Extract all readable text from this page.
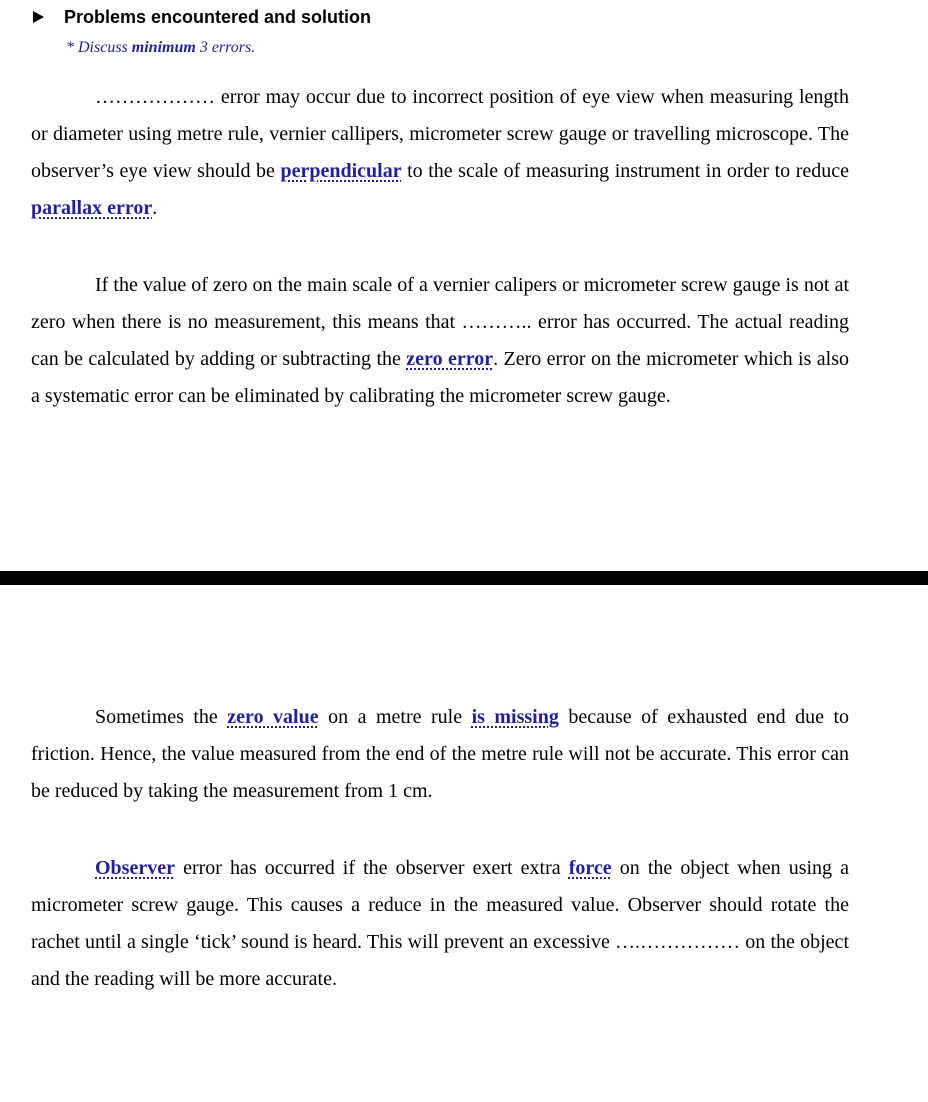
Problems encountered and solution
* Discuss minimum 3 errors.

……………… error may occur due to incorrect position of eye view when measuring length or diameter using metre rule, vernier callipers, micrometer screw gauge or travelling microscope. The observer’s eye view should be perpendicular to the scale of measuring instrument in order to reduce parallax error.

If the value of zero on the main scale of a vernier calipers or micrometer screw gauge is not at zero when there is no measurement, this means that ……….. error has occurred. The actual reading can be calculated by adding or subtracting the zero error. Zero error on the micrometer which is also a systematic error can be eliminated by calibrating the micrometer screw gauge.

Sometimes the zero value on a metre rule is missing because of exhausted end due to friction. Hence, the value measured from the end of the metre rule will not be accurate. This error can be reduced by taking the measurement from 1 cm.

Observer error has occurred if the observer exert extra force on the object when using a micrometer screw gauge. This causes a reduce in the measured value. Observer should rotate the rachet until a single ‘tick’ sound is heard. This will prevent an excessive ….…………… on the object and the reading will be more accurate.
